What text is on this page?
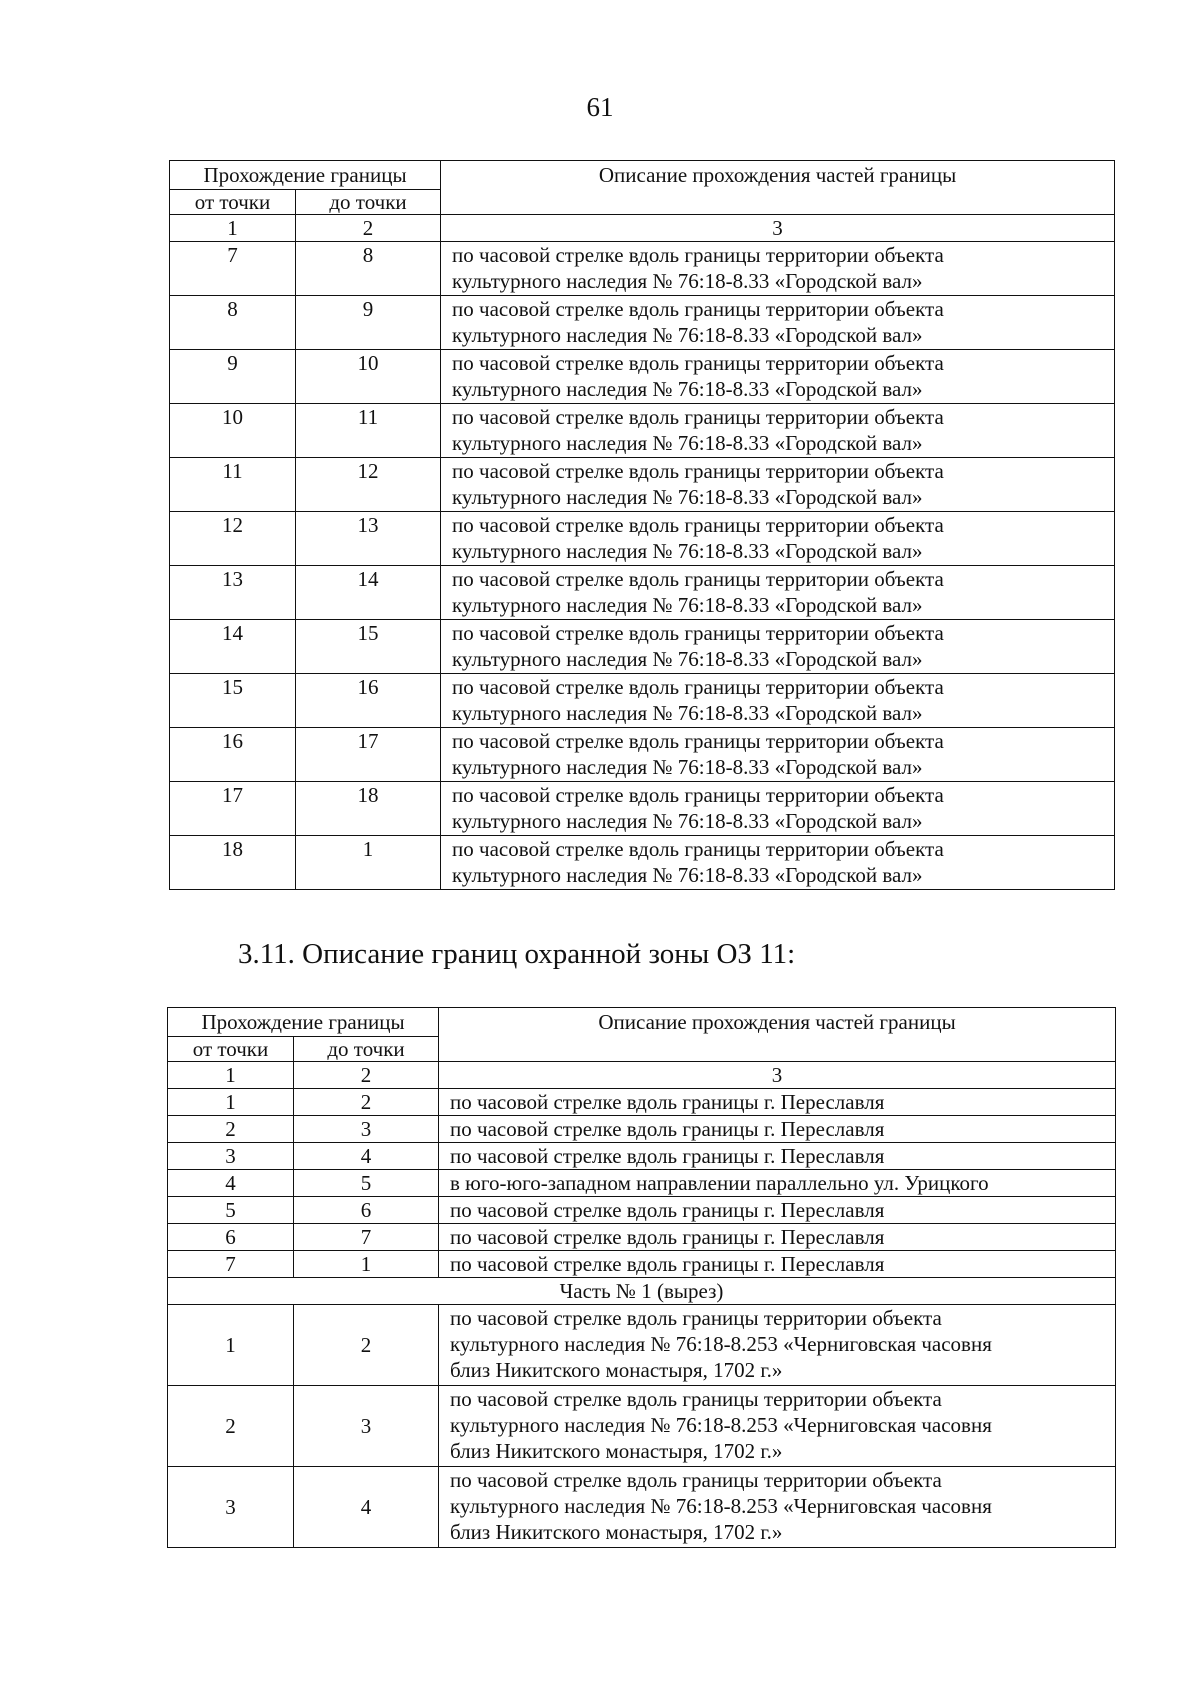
61
Прохождение границы		Описание прохождения частей границы
от точки	до точки	
1	2	3
7	8	по часовой стрелке вдоль границы территории объекта
культурного наследия № 76:18-8.33 «Городской вал»

8	9	по часовой стрелке вдоль границы территории объекта
культурного наследия № 76:18-8.33 «Городской вал»

9	10	по часовой стрелке вдоль границы территории объекта
культурного наследия № 76:18-8.33 «Городской вал»

10	11	по часовой стрелке вдоль границы территории объекта
культурного наследия № 76:18-8.33 «Городской вал»

11	12	по часовой стрелке вдоль границы территории объекта
культурного наследия № 76:18-8.33 «Городской вал»

12	13	по часовой стрелке вдоль границы территории объекта
культурного наследия № 76:18-8.33 «Городской вал»

13	14	по часовой стрелке вдоль границы территории объекта
культурного наследия № 76:18-8.33 «Городской вал»

14	15	по часовой стрелке вдоль границы территории объекта
культурного наследия № 76:18-8.33 «Городской вал»

15	16	по часовой стрелке вдоль границы территории объекта
культурного наследия № 76:18-8.33 «Городской вал»

16	17	по часовой стрелке вдоль границы территории объекта
культурного наследия № 76:18-8.33 «Городской вал»

17	18	по часовой стрелке вдоль границы территории объекта
культурного наследия № 76:18-8.33 «Городской вал»

18	1	по часовой стрелке вдоль границы территории объекта
культурного наследия № 76:18-8.33 «Городской вал»
3.11. Описание границ охранной зоны ОЗ 11:
Прохождение границы		Описание прохождения частей границы
от точки	до точки	
1	2	3
1	2	по часовой стрелке вдоль границы г. Переславля
2	3	по часовой стрелке вдоль границы г. Переславля
3	4	по часовой стрелке вдоль границы г. Переславля
4	5	в юго-юго-западном направлении параллельно ул. Урицкого
5	6	по часовой стрелке вдоль границы г. Переславля
6	7	по часовой стрелке вдоль границы г. Переславля
7	1	по часовой стрелке вдоль границы г. Переславля
Часть № 1 (вырез)		
1	2	по часовой стрелке вдоль границы территории объекта
культурного наследия № 76:18-8.253 «Черниговская часовня
близ Никитского монастыря, 1702 г.»

2	3	по часовой стрелке вдоль границы территории объекта
культурного наследия № 76:18-8.253 «Черниговская часовня
близ Никитского монастыря, 1702 г.»

3	4	по часовой стрелке вдоль границы территории объекта
культурного наследия № 76:18-8.253 «Черниговская часовня
близ Никитского монастыря, 1702 г.»
